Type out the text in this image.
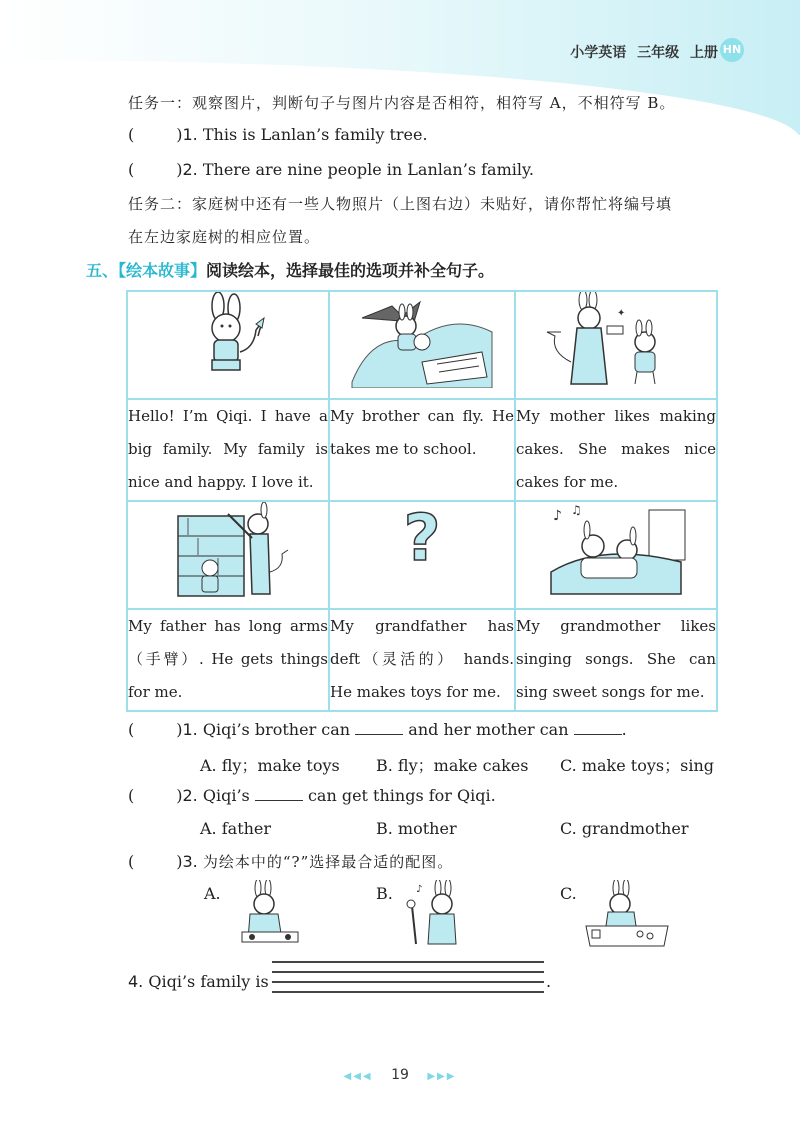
小学英语 三年级 上册 HN
任务一：观察图片，判断句子与图片内容是否相符，相符写 A，不相符写 B。
(	)1. This is Lanlan’s family tree.
(	)2. There are nine people in Lanlan’s family.
任务二：家庭树中还有一些人物照片（上图右边）未贴好，请你帮忙将编号填
在左边家庭树的相应位置。
五、【绘本故事】阅读绘本，选择最佳的选项并补全句子。

✦

Hello! I’m Qiqi. I have a big family. My family is nice and happy. I love it.	My brother can fly. He takes me to school.	My mother likes making cakes. She makes nice cakes for me.

?	♪ ♫

My father has long arms（手臂）. He gets things for me.	My grandfather has deft（灵活的） hands. He makes toys for me.	My grandmother likes singing songs. She can sing sweet songs for me.
(	)1. Qiqi’s brother can	and her mother can	.
A. fly；make toys B. fly；make cakes C. make toys；sing
(	)2. Qiqi’s	can get things for Qiqi.
A. father	B. mother	C. grandmother
(	)3. 为绘本中的“?”选择最合适的配图。
A.	B. ♪	C.
4. Qiqi’s family is	.
◀◀◀ 19 ▶▶▶
